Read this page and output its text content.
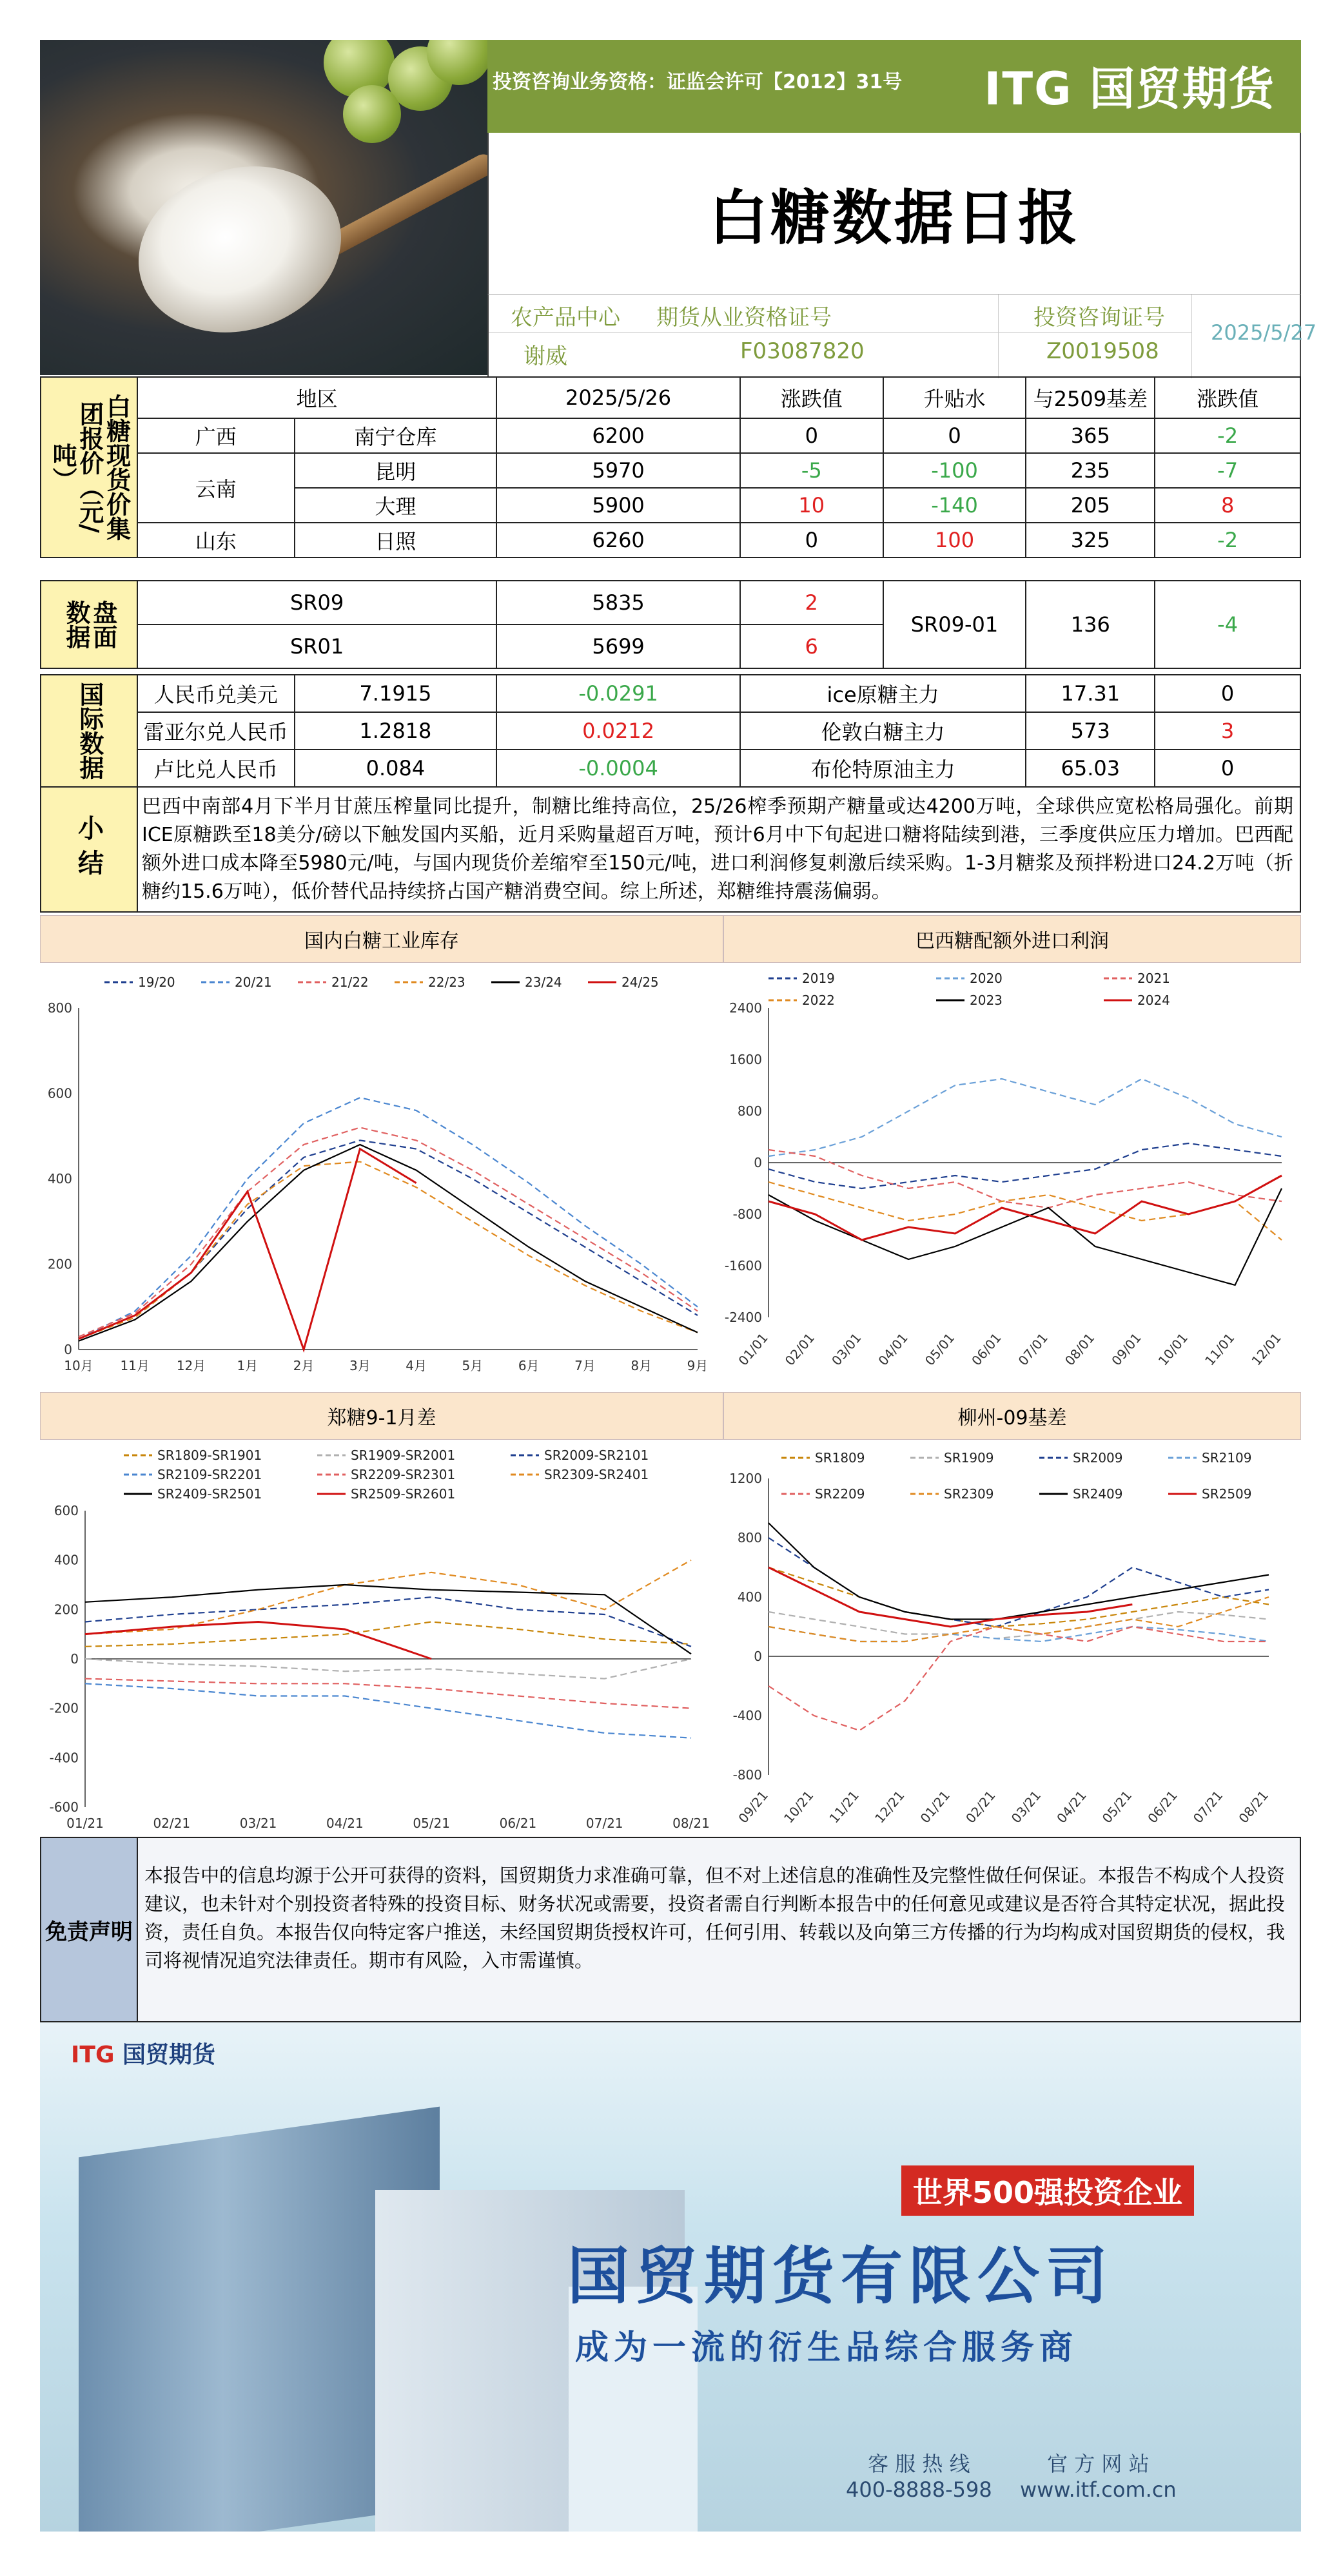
投资咨询业务资格：证监会许可【2012】31号 ITG 国贸期货
白糖数据日报
农产品中心 期货从业资格证号	投资咨询证号
谢威	F03087820	Z0019508
2025/5/27
白糖现货价集团报价（元/吨）	地区		2025/5/26	涨跌值	升贴水	与2509基差	涨跌值
	广西	南宁仓库	6200	0	0	365	-2
	云南	昆明	5970	-5	-100	235	-7
		大理	5900	10	-140	205	8
	山东	日照	6260	0	100	325	-2
盘面数据	SR09	5835	2	SR09-01	136	-4
	SR01	5699	6			
国际数据	人民币兑美元	7.1915	-0.0291	ice原糖主力	17.31	0
	雷亚尔兑人民币	1.2818	0.0212	伦敦白糖主力	573	3
	卢比兑人民币	0.084	-0.0004	布伦特原油主力	65.03	0
小结
巴西中南部4月下半月甘蔗压榨量同比提升，制糖比维持高位，25/26榨季预期产糖量或达4200万吨，全球供应宽松格局强化。前期ICE原糖跌至18美分/磅以下触发国内买船，近月采购量超百万吨，预计6月中下旬起进口糖将陆续到港，三季度供应压力增加。巴西配额外进口成本降至5980元/吨，与国内现货价差缩窄至150元/吨，进口利润修复刺激后续采购。1-3月糖浆及预拌粉进口24.2万吨（折糖约15.6万吨），低价替代品持续挤占国产糖消费空间。综上所述，郑糖维持震荡偏弱。
国内白糖工业库存	巴西糖配额外进口利润
0
200
400
600
800
10月 11月 12月 1月	2月	3月	4月	5月	6月	7月	8月	9月
19/20	20/21	21/22	22/23	23/24	24/25
2400
1600
800
0
-800
-1600
-2400
01/01 02/01 03/01 04/01 05/01 06/01 07/01 08/01 09/01 10/01 11/01 12/01
2019	2020	2021
2022	2023	2024
郑糖9-1月差	柳州-09基差
600
400
200
0
-200
-400
-600
01/21	02/21	03/21	04/21	05/21	06/21	07/21	08/21
SR1809-SR1901	SR1909-SR2001	SR2009-SR2101
SR2109-SR2201	SR2209-SR2301	SR2309-SR2401
SR2409-SR2501	SR2509-SR2601
1200
800
400
0
-400
-800
09/21 10/21 11/21 12/21 01/21 02/21 03/21 04/21 05/21 06/21 07/21 08/21
SR1809	SR1909	SR2009	SR2109
SR2209	SR2309	SR2409	SR2509
免责声明
本报告中的信息均源于公开可获得的资料，国贸期货力求准确可靠，但不对上述信息的准确性及完整性做任何保证。本报告不构成个人投资建议，也未针对个别投资者特殊的投资目标、财务状况或需要，投资者需自行判断本报告中的任何意见或建议是否符合其特定状况，据此投资，责任自负。本报告仅向特定客户推送，未经国贸期货授权许可，任何引用、转载以及向第三方传播的行为均构成对国贸期货的侵权，我司将视情况追究法律责任。期市有风险，入市需谨慎。
ITG 国贸期货
世界500强投资企业
国贸期货有限公司
成为一流的衍生品综合服务商
客 服 热 线
400-8888-598
官 方 网 站
www.itf.com.cn
